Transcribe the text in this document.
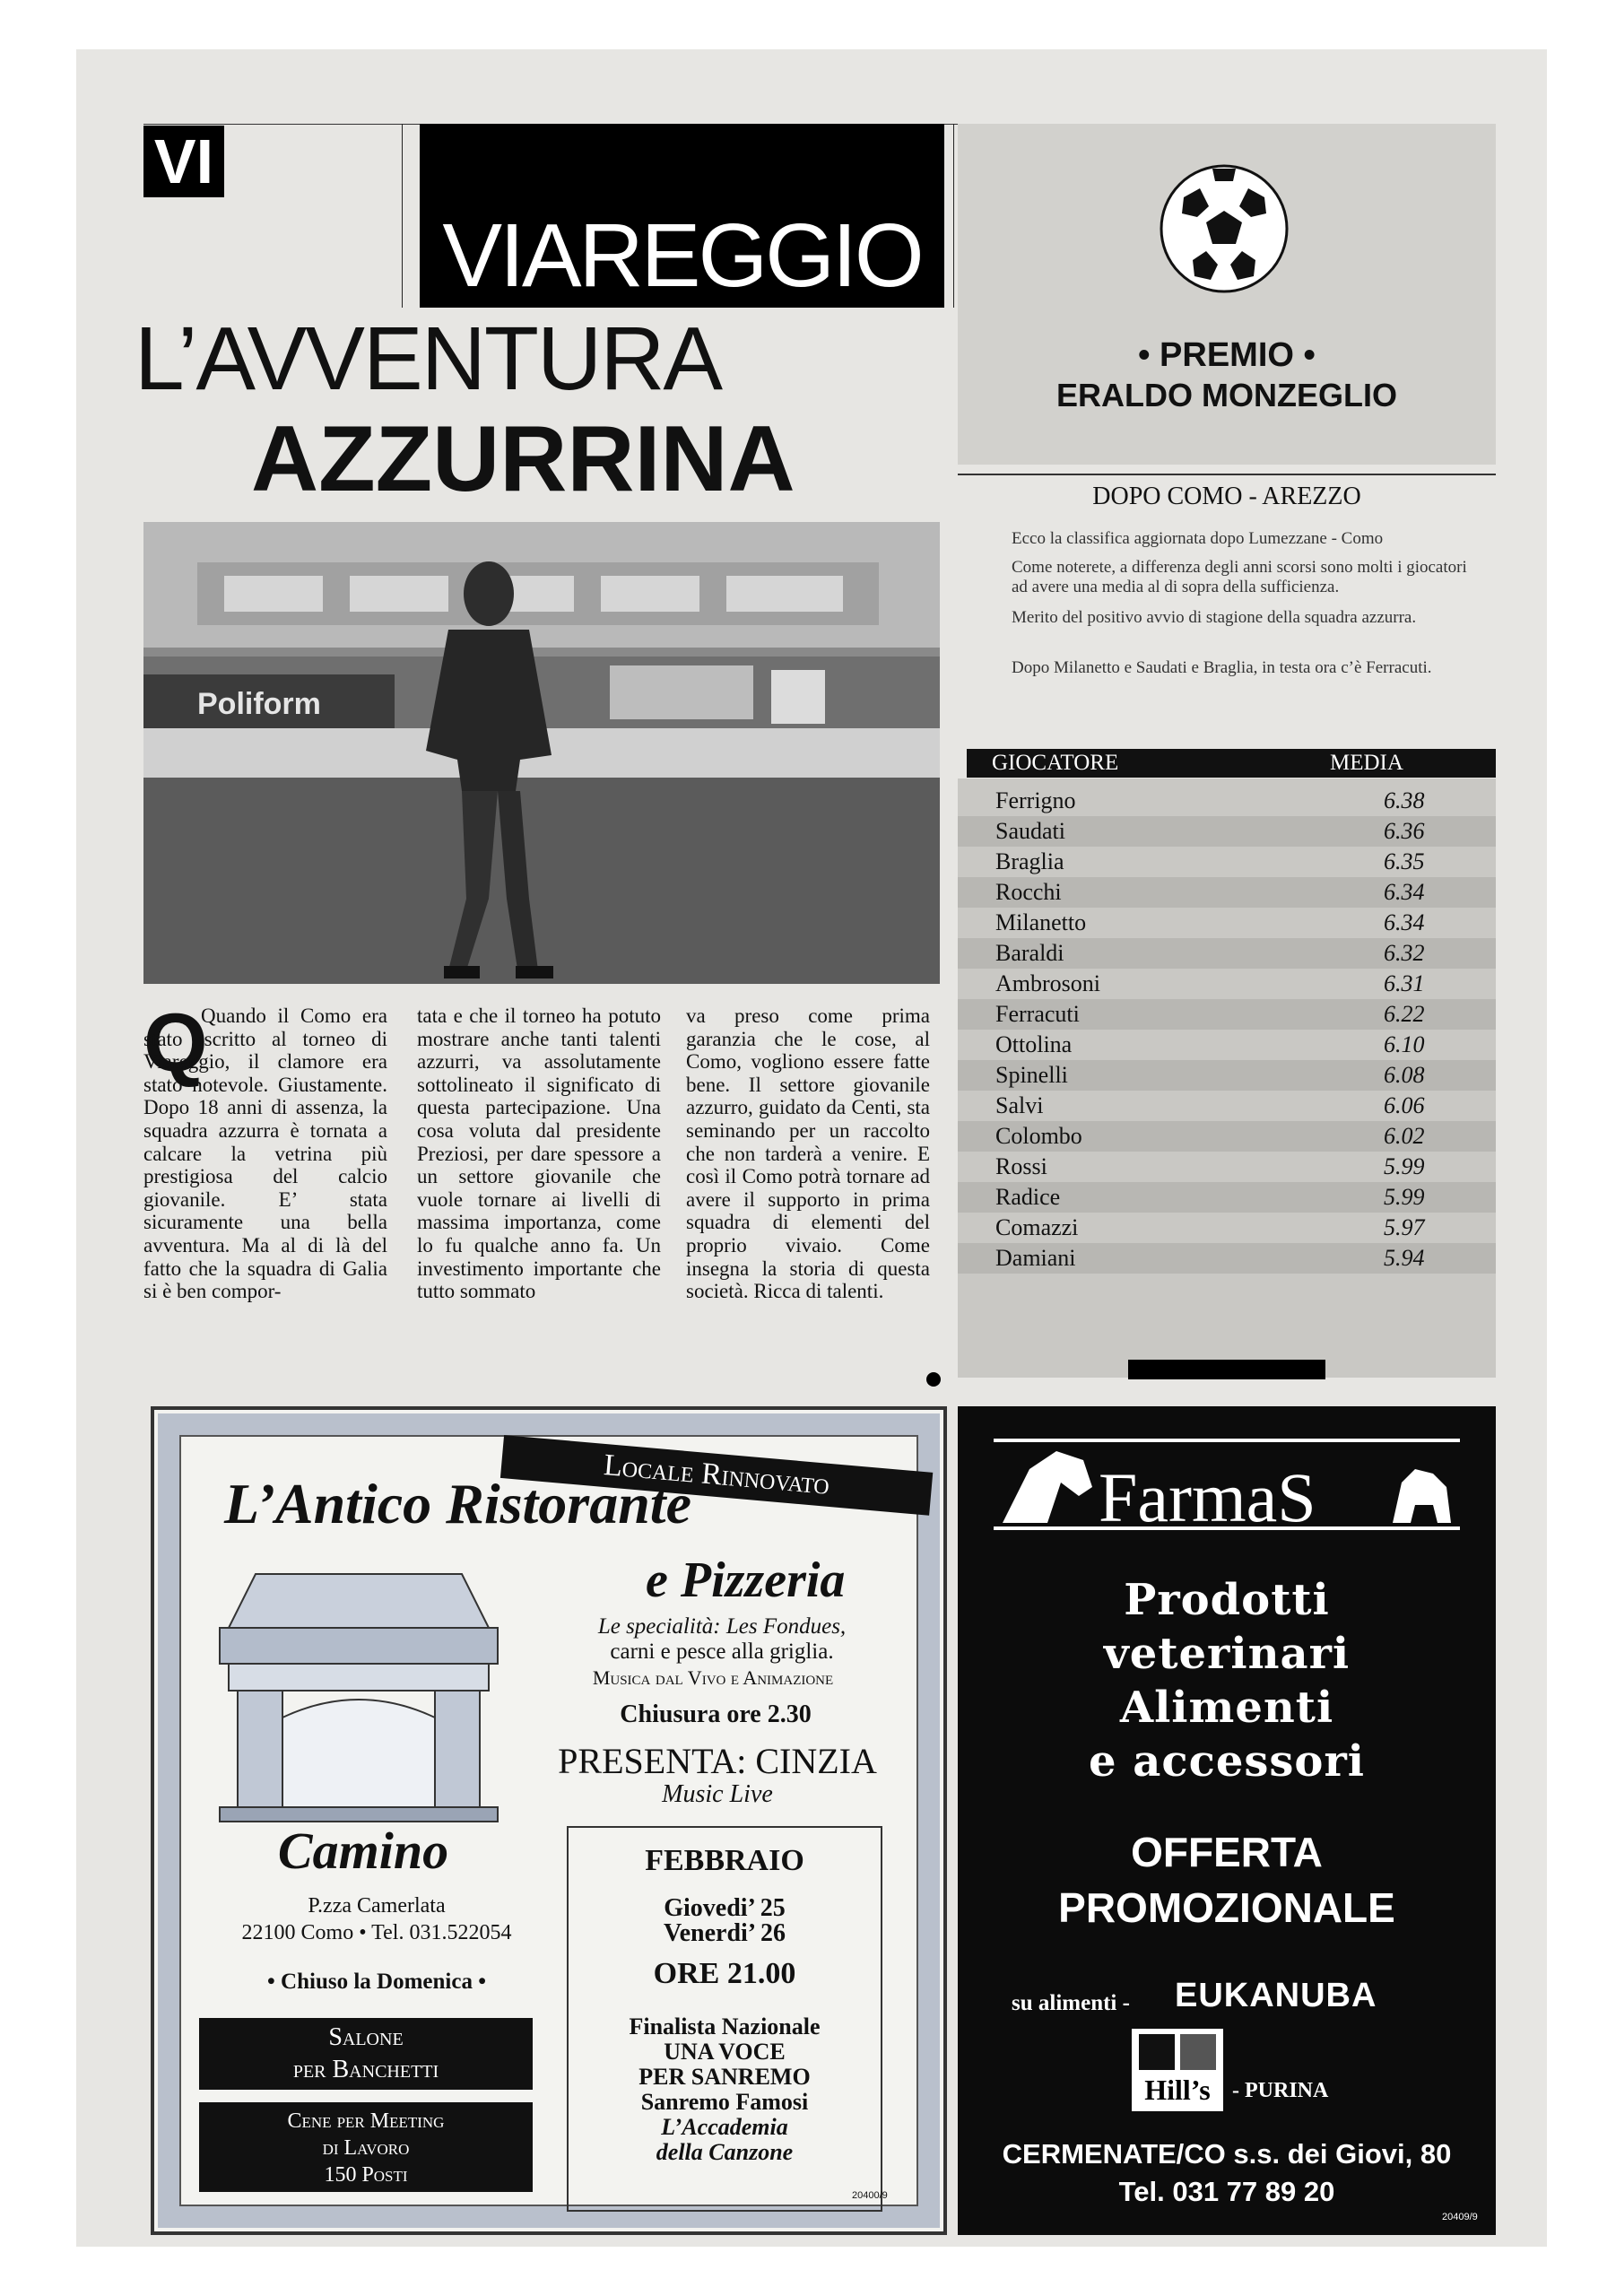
VI
VIAREGGIO
L’AVVENTURA
AZZURRINA
Poliform
Q

Quando il Como era stato iscritto al torneo di Viareggio, il clamore era stato notevole. Giustamente. Dopo 18 anni di assenza, la squadra azzurra è tornata a calcare la vetrina più prestigiosa del calcio giovanile. E’ stata sicuramente una bella avventura. Ma al di là del fatto che la squadra di Galia si è ben compor-

tata e che il torneo ha potuto mostrare anche tanti talenti azzurri, va assolutamente sottolineato il significato di questa partecipazione. Una cosa voluta dal presidente Preziosi, per dare spessore a un settore giovanile che vuole tornare ai livelli di massima importanza, come lo fu qualche anno fa. Un investimento importante che tutto sommato

va preso come prima garanzia che le cose, al Como, vogliono essere fatte bene. Il settore giovanile azzurro, guidato da Centi, sta seminando per un raccolto che non tarderà a venire. E così il Como potrà tornare ad avere il supporto in prima squadra di elementi del proprio vivaio. Come insegna la storia di questa società. Ricca di talenti.

• PREMIO •
ERALDO MONZEGLIO
DOPO COMO - AREZZO
Ecco la classifica aggiornata dopo Lumezzane - Como
Come noterete, a differenza degli anni scorsi sono molti i giocatori ad avere una media al di sopra della sufficienza.
Merito del positivo avvio di stagione della squadra azzurra.
Dopo Milanetto e Saudati e Braglia, in testa ora c’è Ferracuti.
GIOCATORE	MEDIA
Ferrigno	6.38
Saudati	6.36
Braglia	6.35
Rocchi	6.34
Milanetto	6.34
Baraldi	6.32
Ambrosoni	6.31
Ferracuti	6.22
Ottolina	6.10
Spinelli	6.08
Salvi	6.06
Colombo	6.02
Rossi	5.99
Radice	5.99
Comazzi	5.97
Damiani	5.94
Locale Rinnovato
L’Antico Ristorante
e Pizzeria
Camino
P.zza Camerlata
22100 Como • Tel. 031.522054
• Chiuso la Domenica •
Salone
per Banchetti
Cene per Meeting
di Lavoro
150 Posti
Le specialità: Les Fondues,
carni e pesce alla griglia.
Musica dal Vivo e Animazione
Chiusura ore 2.30
PRESENTA: CINZIA
Music Live
FEBBRAIO
Giovedi’ 25
Venerdi’ 26
ORE 21.00
Finalista Nazionale
UNA VOCE
PER SANREMO
Sanremo Famosi
L’Accademia
della Canzone
20400/9
FarmaS
Prodotti
veterinari
Alimenti
e accessori
OFFERTA
PROMOZIONALE
su alimenti -	EUKANUBA
Hill’s	- PURINA
CERMENATE/CO s.s. dei Giovi, 80
Tel. 031 77 89 20
20409/9
